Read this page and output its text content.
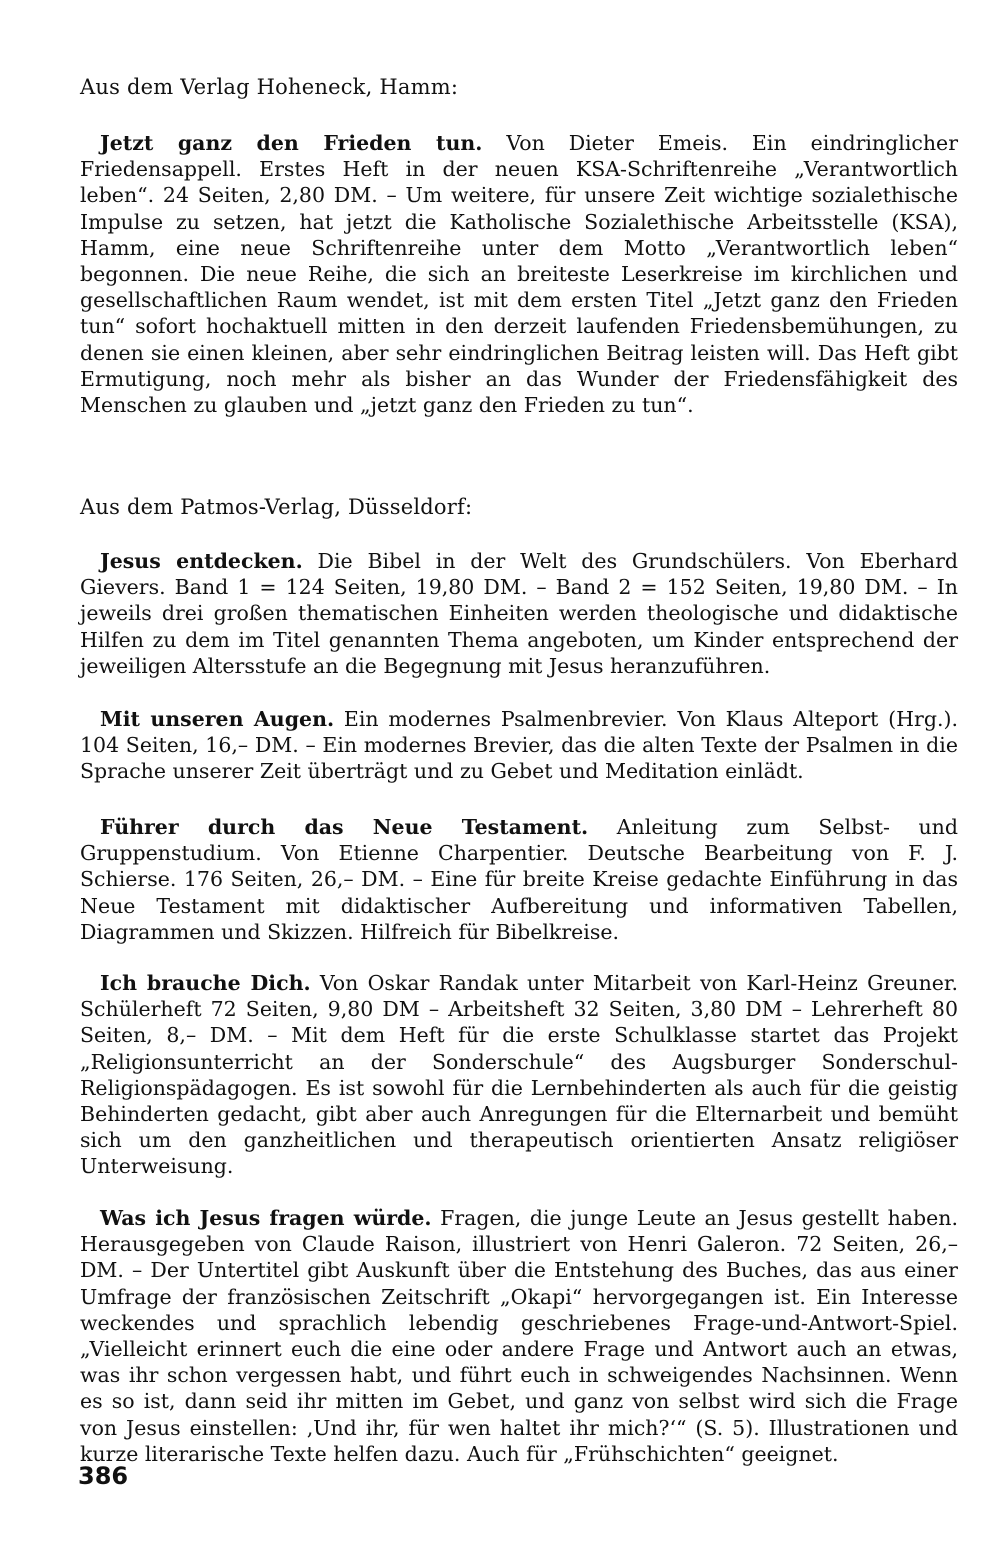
Aus dem Verlag Hoheneck, Hamm:
Jetzt ganz den Frieden tun. Von Dieter Emeis. Ein eindringlicher Friedensappell. Erstes Heft in der neuen KSA-Schriftenreihe „Verantwortlich leben“. 24 Seiten, 2,80 DM. – Um weitere, für unsere Zeit wichtige sozialethische Impulse zu setzen, hat jetzt die Katholische Sozialethische Arbeitsstelle (KSA), Hamm, eine neue Schriftenreihe unter dem Motto „Verantwortlich leben“ begonnen. Die neue Reihe, die sich an breiteste Leserkreise im kirchlichen und gesellschaftlichen Raum wendet, ist mit dem ersten Titel „Jetzt ganz den Frieden tun“ sofort hochaktuell mitten in den derzeit laufenden Friedensbemühungen, zu denen sie einen kleinen, aber sehr eindringlichen Beitrag leisten will. Das Heft gibt Ermutigung, noch mehr als bisher an das Wunder der Friedensfähigkeit des Menschen zu glauben und „jetzt ganz den Frieden zu tun“.
Aus dem Patmos-Verlag, Düsseldorf:
Jesus entdecken. Die Bibel in der Welt des Grundschülers. Von Eberhard Gievers. Band 1 = 124 Seiten, 19,80 DM. – Band 2 = 152 Seiten, 19,80 DM. – In jeweils drei großen thematischen Einheiten werden theologische und didaktische Hilfen zu dem im Titel genannten Thema angeboten, um Kinder entsprechend der jeweiligen Altersstufe an die Begegnung mit Jesus heranzuführen.
Mit unseren Augen. Ein modernes Psalmenbrevier. Von Klaus Alteport (Hrg.). 104 Seiten, 16,– DM. – Ein modernes Brevier, das die alten Texte der Psalmen in die Sprache unserer Zeit überträgt und zu Gebet und Meditation einlädt.
Führer durch das Neue Testament. Anleitung zum Selbst- und Gruppenstudium. Von Etienne Charpentier. Deutsche Bearbeitung von F. J. Schierse. 176 Seiten, 26,– DM. – Eine für breite Kreise gedachte Einführung in das Neue Testament mit didaktischer Aufbereitung und informativen Tabellen, Diagrammen und Skizzen. Hilfreich für Bibelkreise.
Ich brauche Dich. Von Oskar Randak unter Mitarbeit von Karl-Heinz Greuner. Schülerheft 72 Seiten, 9,80 DM – Arbeitsheft 32 Seiten, 3,80 DM – Lehrerheft 80 Seiten, 8,– DM. – Mit dem Heft für die erste Schulklasse startet das Projekt „Religionsunterricht an der Sonderschule“ des Augsburger Sonderschul-Religionspädagogen. Es ist sowohl für die Lernbehinderten als auch für die geistig Behinderten gedacht, gibt aber auch Anregungen für die Elternarbeit und bemüht sich um den ganzheitlichen und therapeutisch orientierten Ansatz religiöser Unterweisung.
Was ich Jesus fragen würde. Fragen, die junge Leute an Jesus gestellt haben. Herausgegeben von Claude Raison, illustriert von Henri Galeron. 72 Seiten, 26,– DM. – Der Untertitel gibt Auskunft über die Entstehung des Buches, das aus einer Umfrage der französischen Zeitschrift „Okapi“ hervorgegangen ist. Ein Interesse weckendes und sprachlich lebendig geschriebenes Frage-und-Antwort-Spiel. „Vielleicht erinnert euch die eine oder andere Frage und Antwort auch an etwas, was ihr schon vergessen habt, und führt euch in schweigendes Nachsinnen. Wenn es so ist, dann seid ihr mitten im Gebet, und ganz von selbst wird sich die Frage von Jesus einstellen: ‚Und ihr, für wen haltet ihr mich?‘“ (S. 5). Illustrationen und kurze literarische Texte helfen dazu. Auch für „Frühschichten“ geeignet.
386
